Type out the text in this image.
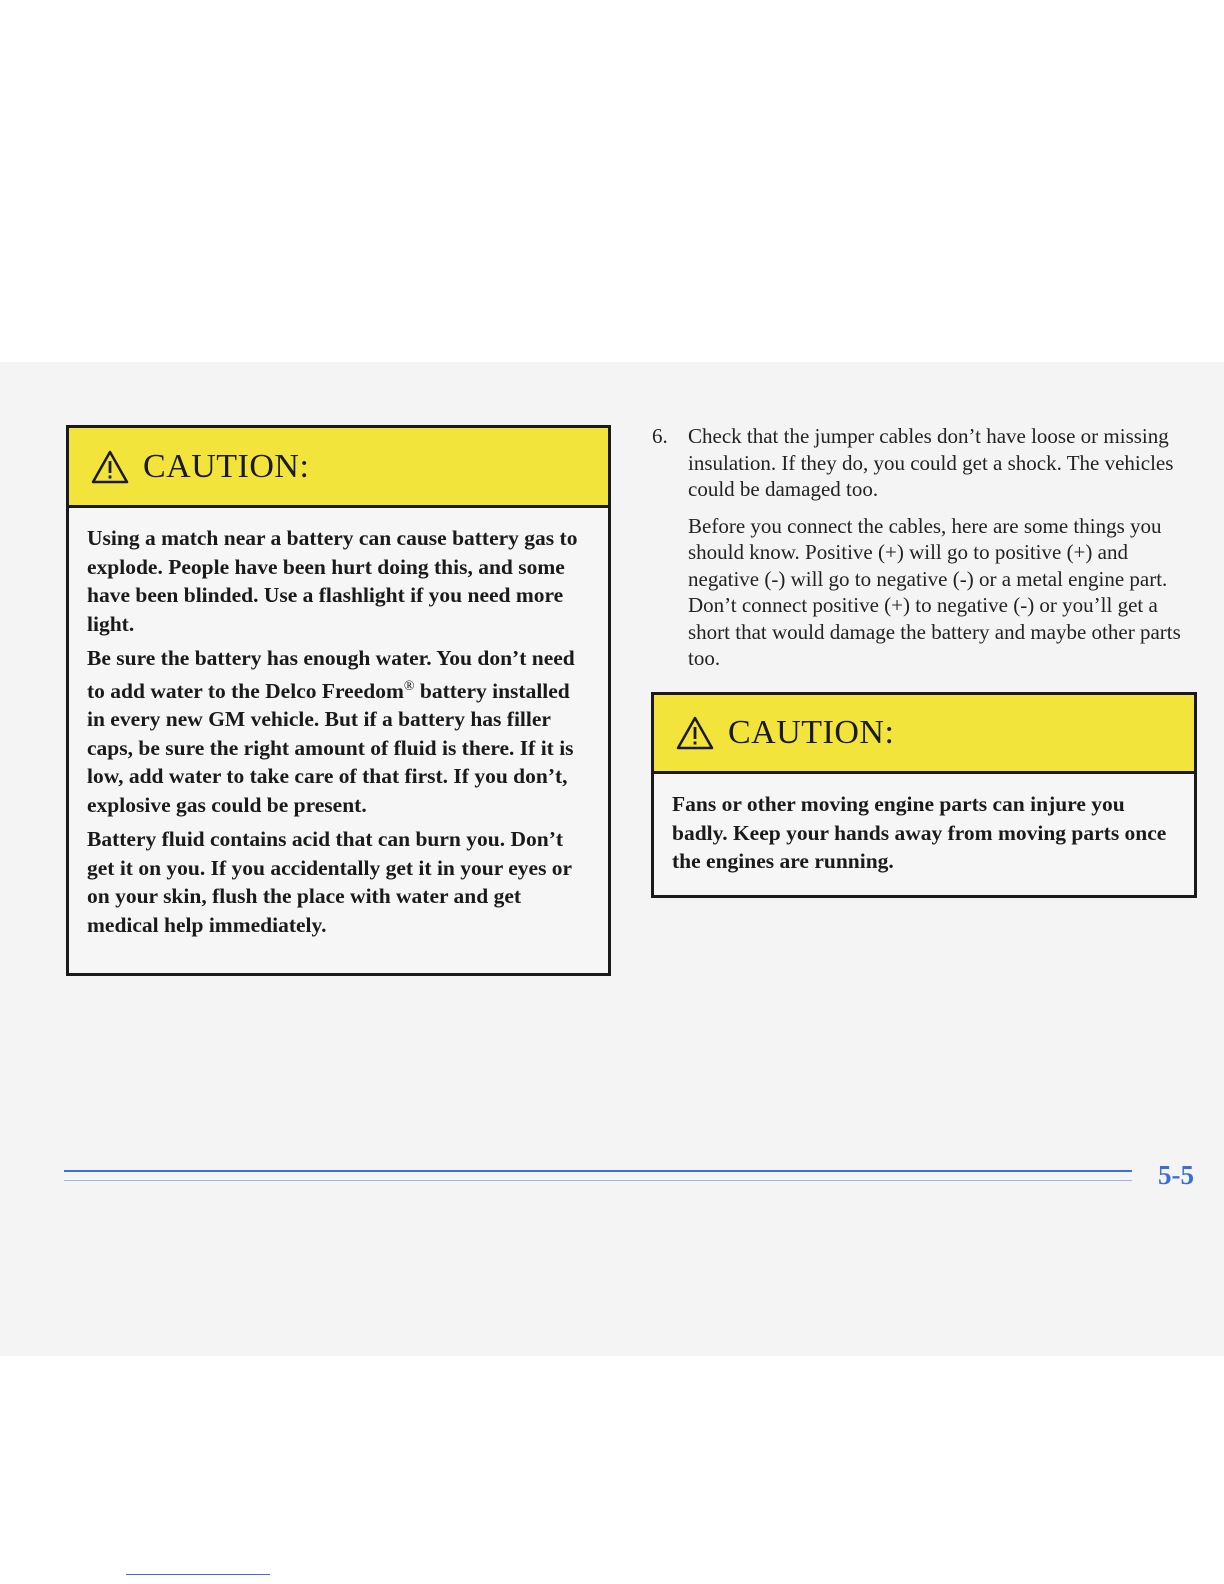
CAUTION:

Using a match near a battery can cause battery gas to explode. People have been hurt doing this, and some have been blinded. Use a flashlight if you need more light.

Be sure the battery has enough water. You don’t need to add water to the Delco Freedom® battery installed in every new GM vehicle. But if a battery has filler caps, be sure the right amount of fluid is there. If it is low, add water to take care of that first. If you don’t, explosive gas could be present.

Battery fluid contains acid that can burn you. Don’t get it on you. If you accidentally get it in your eyes or on your skin, flush the place with water and get medical help immediately.

6. Check that the jumper cables don’t have loose or missing insulation. If they do, you could get a shock. The vehicles could be damaged too.
Before you connect the cables, here are some things you should know. Positive (+) will go to positive (+) and negative (-) will go to negative (-) or a metal engine part. Don’t connect positive (+) to negative (-) or you’ll get a short that would damage the battery and maybe other parts too.
CAUTION:

Fans or other moving engine parts can injure you badly. Keep your hands away from moving parts once the engines are running.

5-5
